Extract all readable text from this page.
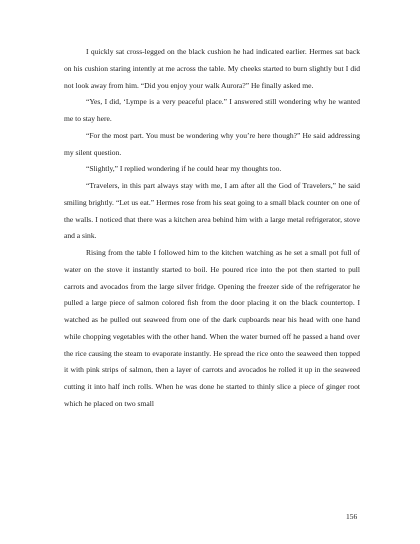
I quickly sat cross-legged on the black cushion he had indicated earlier. Hermes sat back on his cushion staring intently at me across the table. My cheeks started to burn slightly but I did not look away from him. “Did you enjoy your walk Aurora?” He finally asked me.

“Yes, I did, ‘Lympe is a very peaceful place.” I answered still wondering why he wanted me to stay here.

“For the most part. You must be wondering why you’re here though?” He said addressing my silent question.

“Slightly,” I replied wondering if he could hear my thoughts too.

“Travelers, in this part always stay with me, I am after all the God of Travelers,” he said smiling brightly. “Let us eat.” Hermes rose from his seat going to a small black counter on one of the walls. I noticed that there was a kitchen area behind him with a large metal refrigerator, stove and a sink.

Rising from the table I followed him to the kitchen watching as he set a small pot full of water on the stove it instantly started to boil. He poured rice into the pot then started to pull carrots and avocados from the large silver fridge. Opening the freezer side of the refrigerator he pulled a large piece of salmon colored fish from the door placing it on the black countertop. I watched as he pulled out seaweed from one of the dark cupboards near his head with one hand while chopping vegetables with the other hand. When the water burned off he passed a hand over the rice causing the steam to evaporate instantly. He spread the rice onto the seaweed then topped it with pink strips of salmon, then a layer of carrots and avocados he rolled it up in the seaweed cutting it into half inch rolls. When he was done he started to thinly slice a piece of ginger root which he placed on two small

156
